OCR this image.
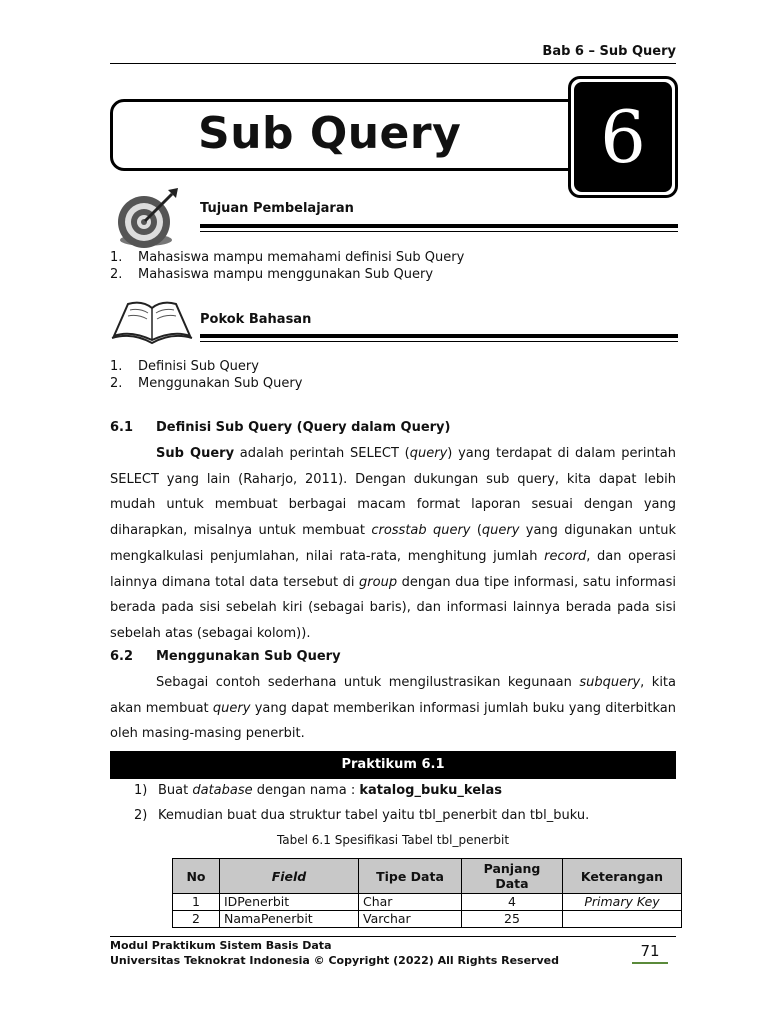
Bab 6 – Sub Query
Sub Query	6
Tujuan Pembelajaran
1.	Mahasiswa mampu memahami definisi Sub Query
2.	Mahasiswa mampu menggunakan Sub Query
Pokok Bahasan
1.	Definisi Sub Query
2.	Menggunakan Sub Query
6.1 Definisi Sub Query (Query dalam Query)
Sub Query adalah perintah SELECT (query) yang terdapat di dalam perintah SELECT yang lain (Raharjo, 2011). Dengan dukungan sub query, kita dapat lebih mudah untuk membuat berbagai macam format laporan sesuai dengan yang diharapkan, misalnya untuk membuat crosstab query (query yang digunakan untuk mengkalkulasi penjumlahan, nilai rata-rata, menghitung jumlah record, dan operasi lainnya dimana total data tersebut di group dengan dua tipe informasi, satu informasi berada pada sisi sebelah kiri (sebagai baris), dan informasi lainnya berada pada sisi sebelah atas (sebagai kolom)).
6.2 Menggunakan Sub Query
Sebagai contoh sederhana untuk mengilustrasikan kegunaan subquery, kita akan membuat query yang dapat memberikan informasi jumlah buku yang diterbitkan oleh masing-masing penerbit.
Praktikum 6.1
1) Buat database dengan nama : katalog_buku_kelas
2) Kemudian buat dua struktur tabel yaitu tbl_penerbit dan tbl_buku.
Tabel 6.1 Spesifikasi Tabel tbl_penerbit
No	Field	Tipe Data	Panjang Data	Keterangan
1	IDPenerbit	Char	4	Primary Key
2	NamaPenerbit	Varchar	25	
Modul Praktikum Sistem Basis Data
Universitas Teknokrat Indonesia © Copyright (2022) All Rights Reserved
71
